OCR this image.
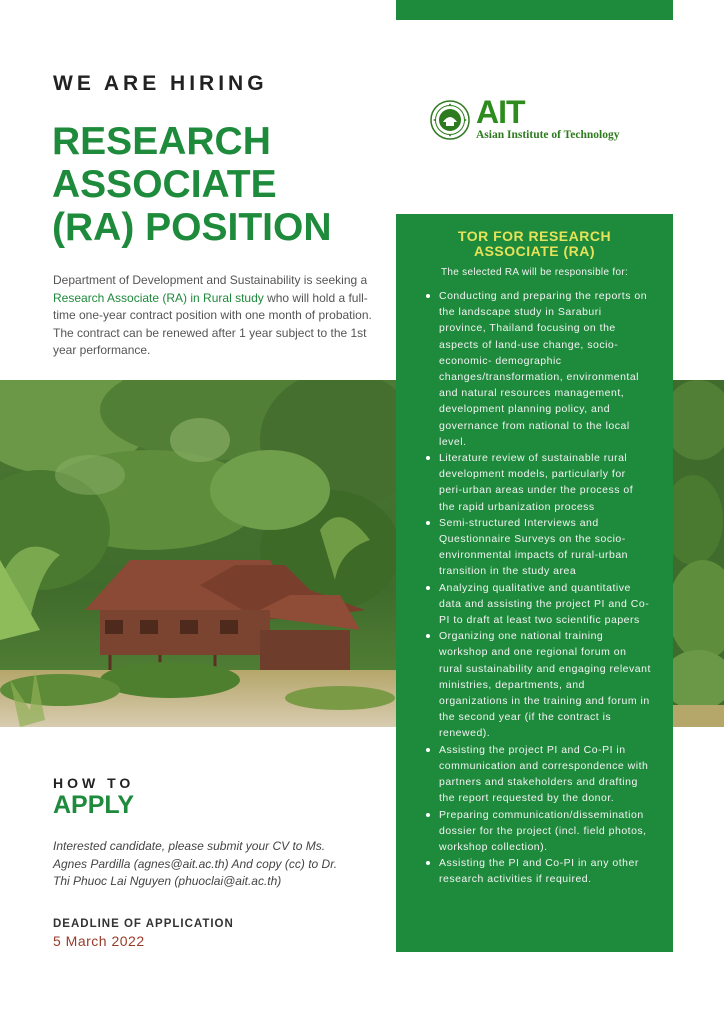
WE ARE HIRING
RESEARCH
ASSOCIATE
(RA) POSITION

Department of Development and Sustainability is seeking a Research Associate (RA) in Rural study who will hold a full-time one-year contract position with one month of probation. The contract can be renewed after 1 year subject to the 1st year performance.

AIT
Asian Institute of Technology
TOR FOR RESEARCH
ASSOCIATE (RA)
The selected RA will be responsible for:
Conducting and preparing the reports on the landscape study in Saraburi province, Thailand focusing on the aspects of land-use change, socio-economic- demographic changes/transformation, environmental and natural resources management, development planning policy, and governance from national to the local level.
Literature review of sustainable rural development models, particularly for peri-urban areas under the process of the rapid urbanization process
Semi-structured Interviews and Questionnaire Surveys on the socio-environmental impacts of rural-urban transition in the study area
Analyzing qualitative and quantitative data and assisting the project PI and Co-PI to draft at least two scientific papers
Organizing one national training workshop and one regional forum on rural sustainability and engaging relevant ministries, departments, and organizations in the training and forum in the second year (if the contract is renewed).
Assisting the project PI and Co-PI in communication and correspondence with partners and stakeholders and drafting the report requested by the donor.
Preparing communication/dissemination dossier for the project (incl. field photos, workshop collection).
Assisting the PI and Co-PI in any other research activities if required.
HOW TO
APPLY

Interested candidate, please submit your CV to Ms. Agnes Pardilla (agnes@ait.ac.th) And copy (cc) to Dr. Thi Phuoc Lai Nguyen (phuoclai@ait.ac.th)

DEADLINE OF APPLICATION
5 March 2022
